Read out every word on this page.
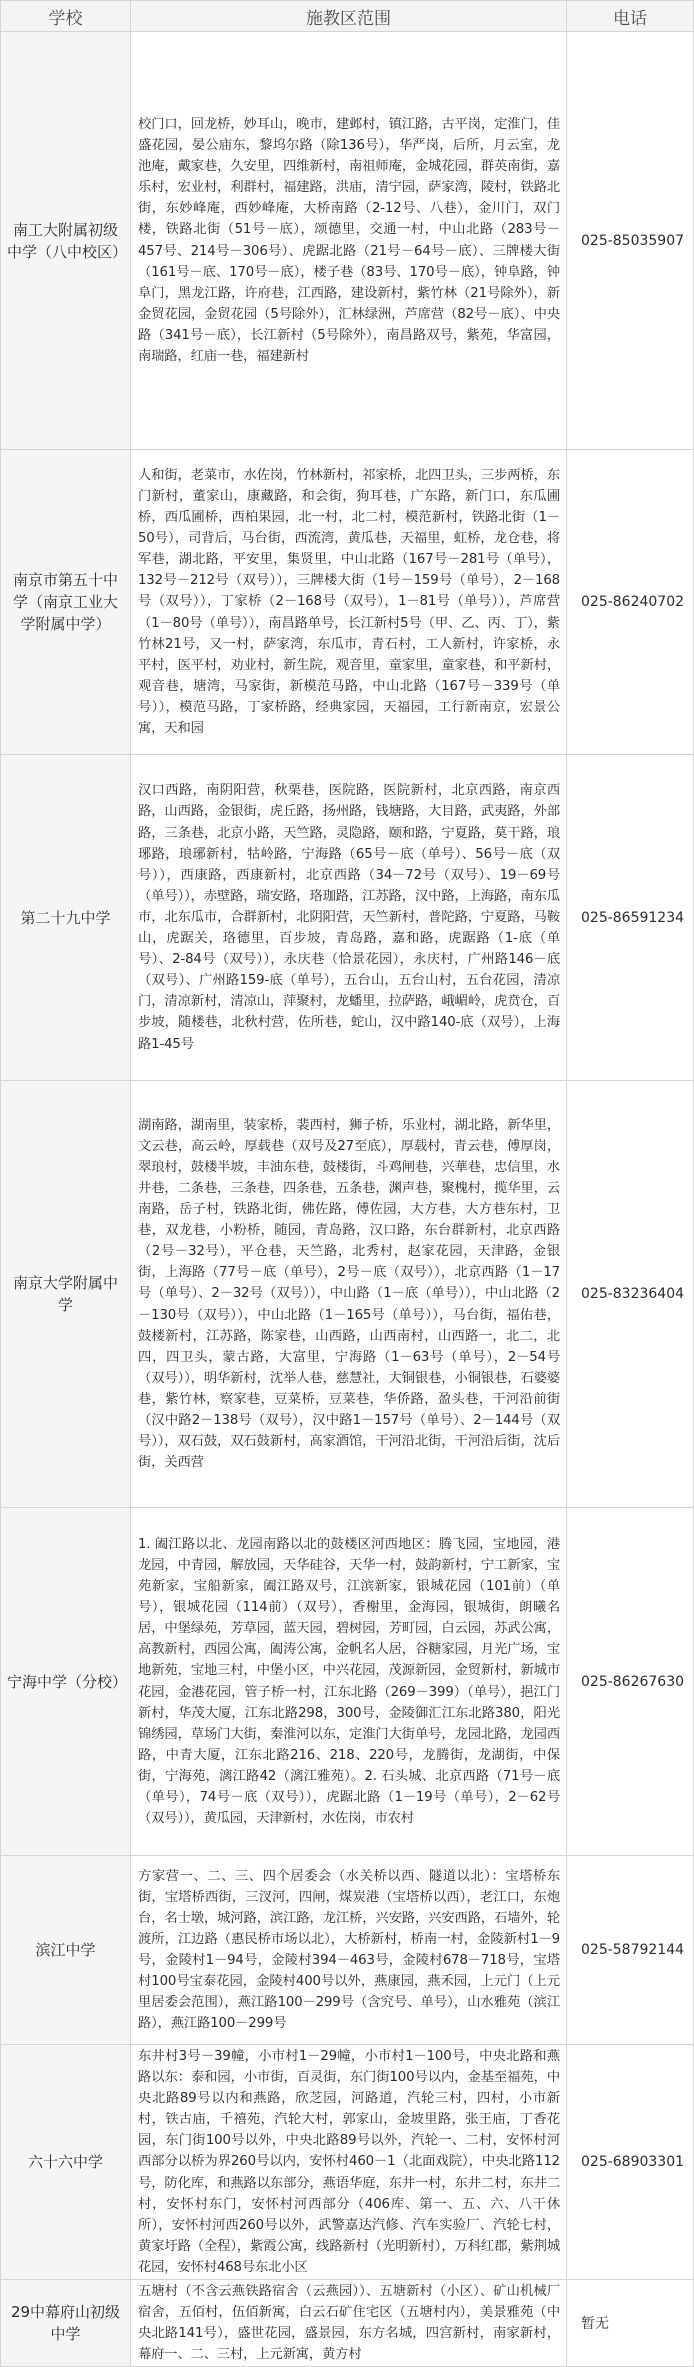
学校	施教区范围	电话
南工大附属初级中学（八中校区）	校门口，回龙桥，妙耳山，晚市，建邺村，镇江路，古平岗，定淮门，佳盛花园，晏公庙东，黎坞尔路（除136号），华严岗，后所，月云室，龙池庵，戴家巷，久安里，四维新村，南祖师庵，金城花园，群英南街，嘉乐村，宏业村，利群村，福建路，洪庙，清宁园，萨家湾，陵村，铁路北街，东妙峰庵，西妙峰庵，大桥南路（2-12号、八巷），金川门，双门楼，铁路北街（51号－底），颂德里，交通一村，中山北路（283号－457号、214号－306号）、虎踞北路（21号－64号－底）、三牌楼大街（161号－底、170号－底），楼子巷（83号、170号－底），钟阜路，钟阜门，黑龙江路，许府巷，江西路，建设新村，紫竹林（21号除外），新金贸花园，金贸花园（5号除外），汇林绿洲，芦席营（82号－底）、中央路（341号－底），长江新村（5号除外），南昌路双号，紫苑，华富园，南瑞路，红庙一巷，福建新村	025-85035907
南京市第五十中学（南京工业大学附属中学）	人和街，老菜市，水佐岗，竹林新村，祁家桥，北四卫头，三步两桥，东门新村，董家山，康藏路，和会街，狗耳巷，广东路，新门口，东瓜圃桥，西瓜圃桥，西柏果园，北一村，北二村，模范新村，铁路北街（1－50号），司背后，马台街，西流湾，黄瓜巷，天福里，虹桥，龙仓巷，将军巷，湖北路，平安里，集贤里，中山北路（167号－281号（单号），132号－212号（双号）），三牌楼大街（1号－159号（单号），2－168号（双号）），丁家桥（2－168号（双号），1－81号（单号）），芦席营（1－80号（单号）），南昌路单号，长江新村5号（甲、乙、丙、丁），紫竹林21号，又一村，萨家湾，东瓜市，青石村，工人新村，许家桥，永平村，医平村，劝业村，新生院，观音里，童家里，童家巷，和平新村，观音巷，塘湾，马家街，新模范马路，中山北路（167号－339号（单号）），模范马路，丁家桥路，经典家园，天福园，工行新南京，宏景公寓，天和园	025-86240702
第二十九中学	汉口西路，南阴阳营，秋栗巷，医院路，医院新村，北京西路，南京西路，山西路，金银街，虎丘路，扬州路，钱塘路，大目路，武夷路，外部路，三条巷，北京小路，天竺路，灵隐路，颐和路，宁夏路，莫干路，琅琊路，琅琊新村，牯岭路，宁海路（65号－底（单号）、56号－底（双号）），西康路，西康新村，北京西路（34－72号（双号）、19－69号（单号）），赤壁路，瑞安路，珞珈路，江苏路，汉中路，上海路，南东瓜市，北东瓜市，合群新村，北阴阳营，天竺新村，普陀路，宁夏路，马鞍山，虎踞关，珞德里，百步坡，青岛路，嘉和路，虎踞路（1-底（单号）、2-84号（双号）），永庆巷（恰景花园），永庆村，广州路146－底（双号）、广州路159-底（单号），五台山，五台山村，五台花园，清凉门，清凉新村，清凉山，萍聚村，龙蟠里，拉萨路，峨嵋岭，虎贲仓，百步坡，随楼巷，北秋村营，佐所巷，蛇山，汉中路140-底（双号），上海路1-45号	025-86591234
南京大学附属中学	湖南路，湖南里，装家桥，裴西村，狮子桥，乐业村，湖北路，新华里，文云巷，高云岭，厚载巷（双号及27至底），厚载村，青云巷，傅厚岗，翠琅村，鼓楼半坡，丰油东巷，鼓楼街，斗鸡闸巷，兴華巷，忠信里，水井巷，二条巷，三条巷，四条巷，五条巷，渊声巷，聚槐村，揽华里，云南路，岳子村，铁路北街，佛佐路，傅佐园，大方巷，大方巷东村，卫巷，双龙巷，小粉桥，随园，青岛路，汉口路，东台群新村，北京西路（2号－32号），平仓巷，天竺路，北秀村，赵家花园，天津路，金银街，上海路（77号－底（单号），2号－底（双号）），北京西路（1－17号（单号）、2－32号（双号）），中山路（1－底（单号）），中山北路（2－130号（双号）），中山北路（1－165号（单号）），马台街，福佑巷，鼓楼新村，江苏路，陈家巷，山西路，山西南村，山西路一，北二，北四，四卫头，蒙古路，大富里，宁海路（1－63号（单号），2－54号（双号）），明华新村，沈举人巷，慈慧社，大铜银巷，小铜银巷，石婆婆巷，紫竹林，察家巷，豆菜桥，豆菜巷，华侨路，盈头巷，干河沿前街（汉中路2－138号（双号），汉中路1－157号（单号）、2－144号（双号）），双石鼓，双石鼓新村，高家酒馆，干河沿北街，干河沿后街，沈后街，关西营	025-83236404
宁海中学（分校）	1. 阖江路以北、龙园南路以北的鼓楼区河西地区：腾飞园，宝地园，港龙园，中青园，解放园，天华硅谷，天华一村，鼓韵新村，宁工新家，宝苑新家，宝船新家，阖江路双号，江滨新家，银城花园（101前）（单号），银城花园（114前）（双号），香榭里，金海园，银城街，朗曦名居，中堡绿苑，芳草园，蓝天园，碧树园，芳町园，白云园，苏武公寓，高教新村，西园公寓，阖涛公寓，金帆名人居，谷糖家园，月光广场，宝地新苑，宝地三村，中堡小区，中兴花园，茂源新园，金贸新村，新城市花园，金港花园，管子桥一村，江东北路（269－399）（单号），挹江门新村，华茂大厦，江东北路298，300号，金陵御汇江东北路380，阳光锦绣园，草场门大街，秦淮河以东，定淮门大街单号，龙园北路，龙园西路，中青大厦，江东北路216、218、220号，龙腾街，龙湖街，中保街，宁海苑，漓江路42（漓江雅苑）。2. 石头城、北京西路（71号－底（单号），74号－底（双号）），虎踞北路（1－19号（单号），2－62号（双号）），黄瓜园，天津新村，水佐岗，市农村	025-86267630
滨江中学	方家营一、二、三、四个居委会（水关桥以西、隧道以北）：宝塔桥东街，宝塔桥西街，三汊河，四闸，煤炭港（宝塔桥以西），老江口，东炮台，名士墩，城河路，滨江路，龙江桥，兴安路，兴安西路，石墙外，轮渡所，江边路（惠民桥市场以北），大桥新村，桥南一村，金陵新村1－9号，金陵村1－94号，金陵村394－463号，金陵村678－718号，宝塔村100号宝泰花园，金陵村400号以外，燕康园，燕禾园，上元门（上元里居委会范围），燕江路100－299号（含究号、单号），山水雅苑（滨江路），燕江路100－299号	025-58792144
六十六中学	东井村3号－39幢，小市村1－29幢，小市村1－100号，中央北路和燕路以东：泰和园，小市街，百灵街，东门街100号以内，金基至福苑，中央北路89号以内和燕路，欣芝园，河路道，汽轮三村，四村，小市新村，铁古庙，千禧苑，汽轮大村，郭家山，金坡里路，张王庙，丁香花园，东门街100号以外，中央北路89号以外，汽轮一、二村，安怀村河西部分以桥为界260号以内，安怀村460－1（北面戏院），中央北路112号，防化库，和燕路以东部分，燕语华庭，东井一村，东井二村，东井二村，安怀村东门，安怀村河西部分（406库、第一、五、六、八干休所），安怀村河西260号以外，武警嘉达汽修、汽车实验厂、汽轮七村，黄家圩路（全程），紫霞公寓，线路新村（光明新村），万科红郡，紫荆城花园，安怀村468号东北小区	025-68903301
29中幕府山初级中学	五塘村（不含云燕铁路宿舍（云燕园））、五塘新村（小区）、矿山机械厂宿舍，五佰村，伍佰新寓，白云石矿住宅区（五塘村内），美景雅苑（中央北路141号），盛世花园，盛景园，东方名城，四宫新村，南家新村，幕府一、二、三村，上元新寓，黄方村	暂无
